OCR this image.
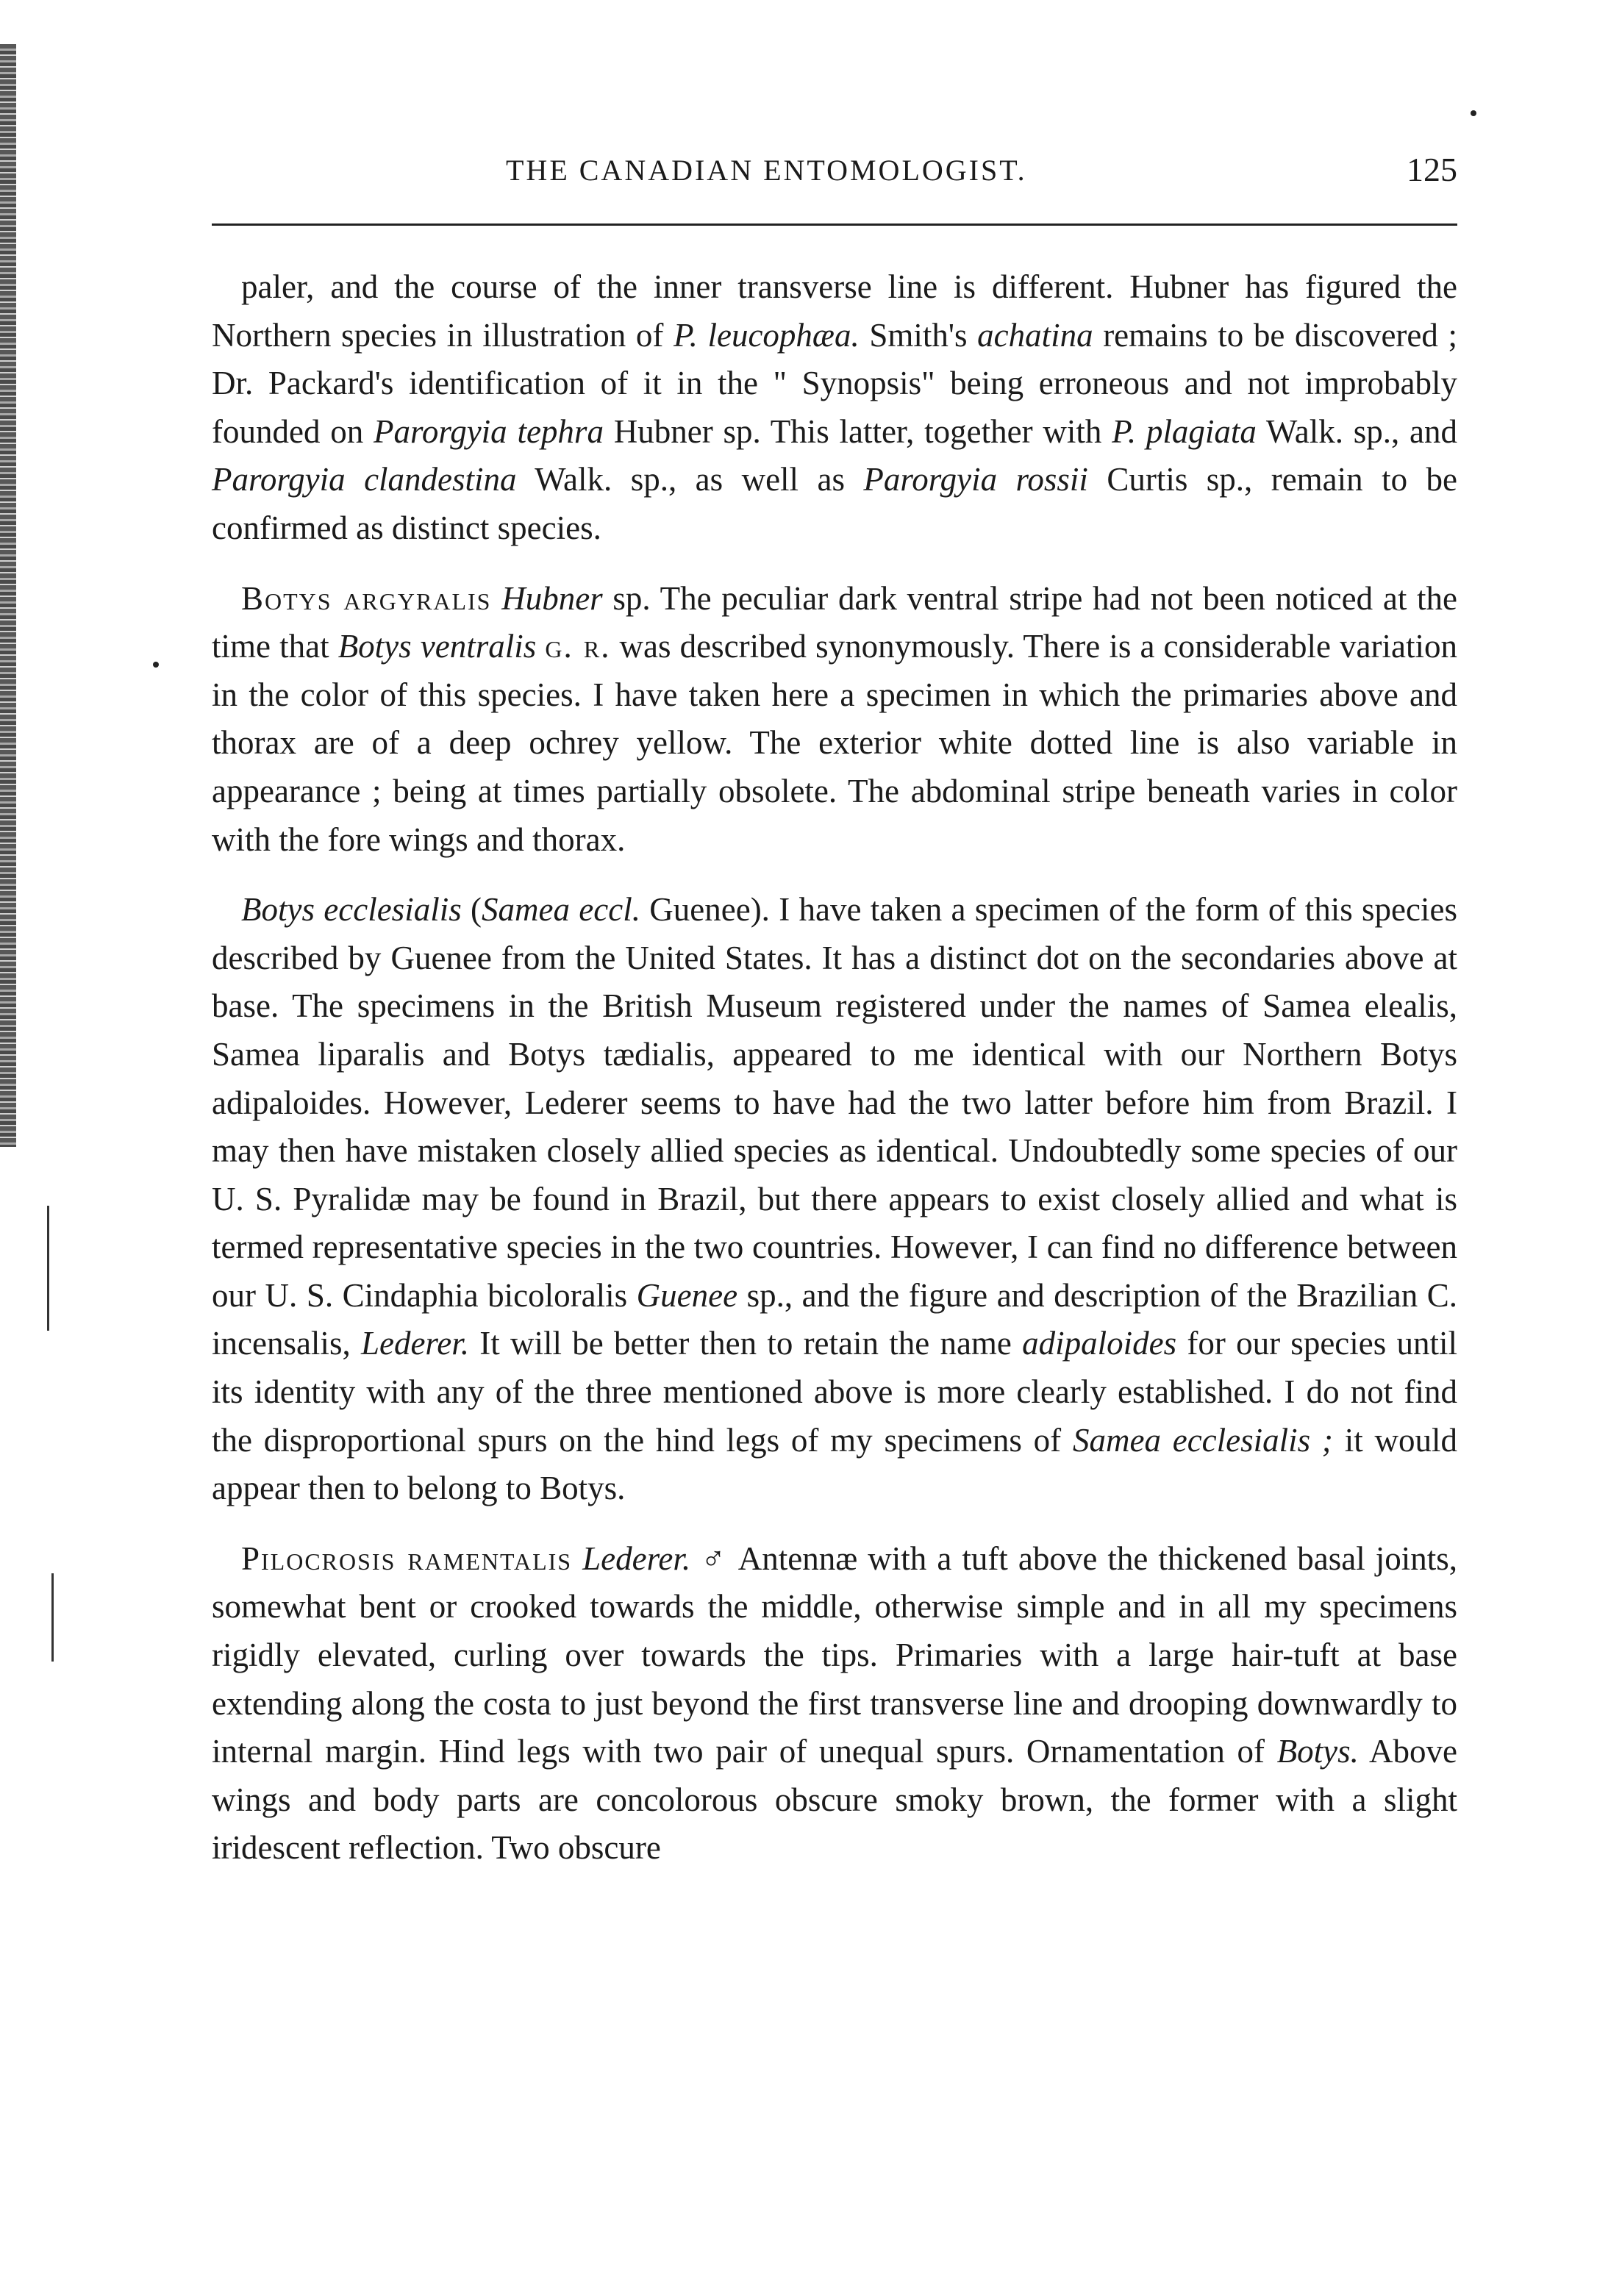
THE CANADIAN ENTOMOLOGIST.	125

paler, and the course of the inner transverse line is different. Hubner has figured the Northern species in illustration of P. leucophæa. Smith's achatina remains to be discovered ; Dr. Packard's identification of it in the " Synopsis" being erroneous and not improbably founded on Parorgyia tephra Hubner sp. This latter, together with P. plagiata Walk. sp., and Parorgyia clandestina Walk. sp., as well as Parorgyia rossii Curtis sp., remain to be confirmed as distinct species.

Botys argyralis Hubner sp. The peculiar dark ventral stripe had not been noticed at the time that Botys ventralis g. r. was described synonymously. There is a considerable variation in the color of this species. I have taken here a specimen in which the primaries above and thorax are of a deep ochrey yellow. The exterior white dotted line is also variable in appearance ; being at times partially obsolete. The abdominal stripe beneath varies in color with the fore wings and thorax.

Botys ecclesialis (Samea eccl. Guenee). I have taken a specimen of the form of this species described by Guenee from the United States. It has a distinct dot on the secondaries above at base. The specimens in the British Museum registered under the names of Samea elealis, Samea liparalis and Botys tædialis, appeared to me identical with our Northern Botys adipaloides. However, Lederer seems to have had the two latter before him from Brazil. I may then have mistaken closely allied species as identical. Undoubtedly some species of our U. S. Pyralidæ may be found in Brazil, but there appears to exist closely allied and what is termed representative species in the two countries. However, I can find no difference between our U. S. Cindaphia bicoloralis Guenee sp., and the figure and description of the Brazilian C. incensalis, Lederer. It will be better then to retain the name adipaloides for our species until its identity with any of the three mentioned above is more clearly established. I do not find the disproportional spurs on the hind legs of my specimens of Samea ecclesialis ; it would appear then to belong to Botys.

Pilocrosis ramentalis Lederer. ♂ Antennæ with a tuft above the thickened basal joints, somewhat bent or crooked towards the middle, otherwise simple and in all my specimens rigidly elevated, curling over towards the tips. Primaries with a large hair-tuft at base extending along the costa to just beyond the first transverse line and drooping downwardly to internal margin. Hind legs with two pair of unequal spurs. Ornamentation of Botys. Above wings and body parts are concolorous obscure smoky brown, the former with a slight iridescent reflection. Two obscure
